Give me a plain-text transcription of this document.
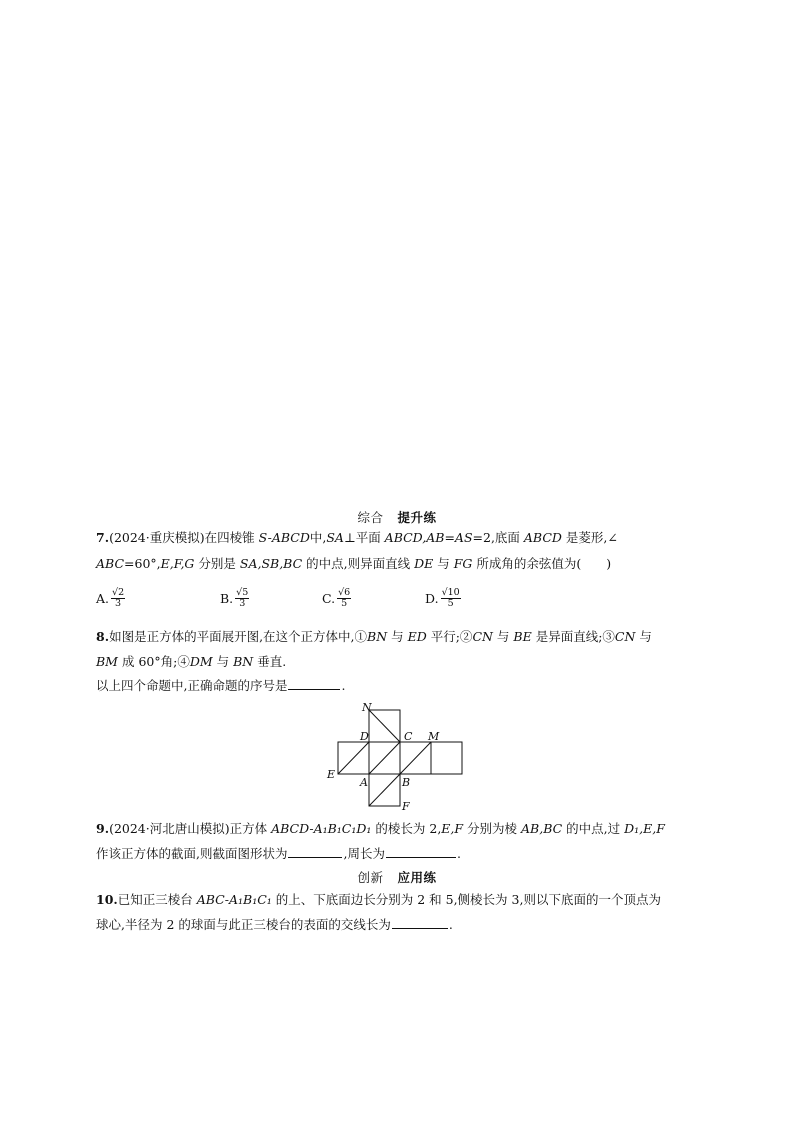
综合 提升练
7.(2024·重庆模拟)在四棱锥 S-ABCD中,SA⊥平面 ABCD,AB=AS=2,底面 ABCD 是菱形,∠
ABC=60°,E,F,G 分别是 SA,SB,BC 的中点,则异面直线 DE 与 FG 所成角的余弦值为(　　)
A. $\frac{√2}{3}$	B. $\frac{√5}{3}$	C. $\frac{√6}{5}$	D. $\frac{√10}{5}$
8.如图是正方体的平面展开图,在这个正方体中,①BN 与 ED 平行;②CN 与 BE 是异面直线;③CN 与
BM 成 60°角;④DM 与 BN 垂直.
以上四个命题中,正确命题的序号是	.
N
D	C M
E
A	B
F
9.(2024·河北唐山模拟)正方体 ABCD-A₁B₁C₁D₁ 的棱长为 2,E,F 分别为棱 AB,BC 的中点,过 D₁,E,F
作该正方体的截面,则截面图形状为	,周长为	.
创新 应用练
10.已知正三棱台 ABC-A₁B₁C₁ 的上、下底面边长分别为 2 和 5,侧棱长为 3,则以下底面的一个顶点为
球心,半径为 2 的球面与此正三棱台的表面的交线长为	.
